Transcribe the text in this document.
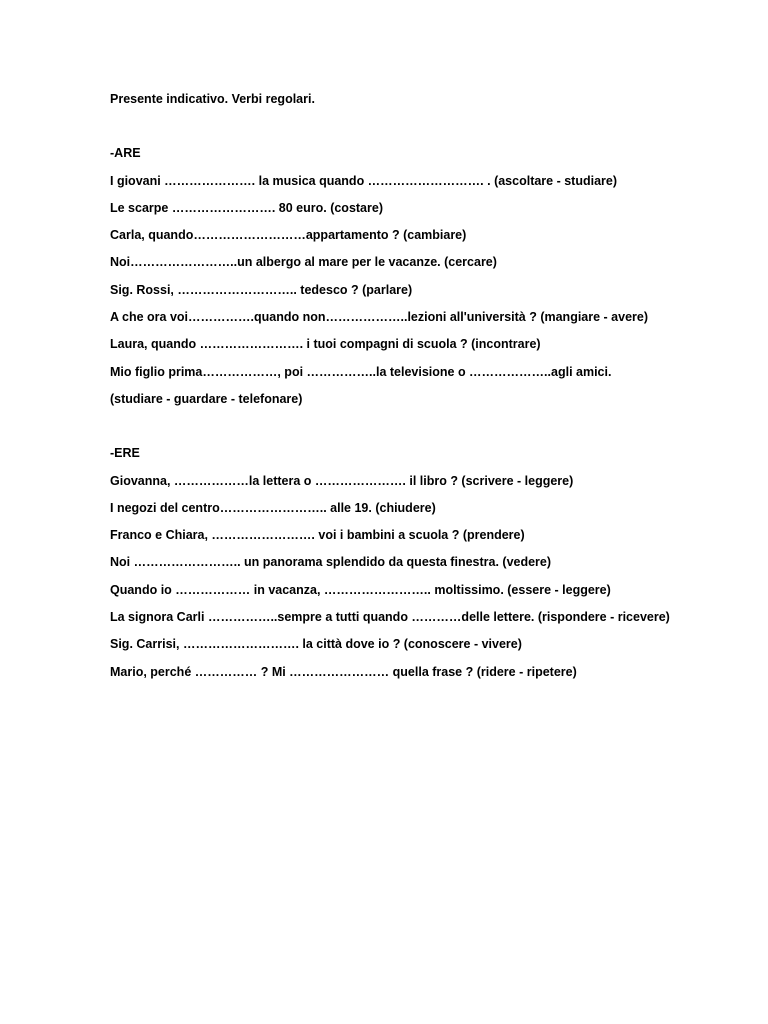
Presente indicativo. Verbi regolari.
-ARE
I giovani …………………. la musica quando ………………………. . (ascoltare - studiare)
Le scarpe ……………………. 80 euro. (costare)
Carla, quando………………………appartamento ? (cambiare)
Noi……………………..un albergo al mare per le vacanze. (cercare)
Sig. Rossi, ……………………….. tedesco ? (parlare)
A che ora voi…………….quando non………………..lezioni all'università ? (mangiare - avere)
Laura, quando ……………………. i tuoi compagni di scuola ? (incontrare)
Mio figlio prima………………, poi ……………..la televisione o ………………..agli amici. (studiare - guardare - telefonare)
-ERE
Giovanna, ………………la lettera o …………………. il libro ? (scrivere - leggere)
I negozi del centro…………………….. alle 19. (chiudere)
Franco e Chiara, ……………………. voi i bambini a scuola ? (prendere)
Noi …………………….. un panorama splendido da questa finestra. (vedere)
Quando io ……………… in vacanza, …………………….. moltissimo. (essere - leggere)
La signora Carli ……………..sempre a tutti quando …………delle lettere. (rispondere - ricevere)
Sig. Carrisi, ………………………. la città dove io ? (conoscere - vivere)
Mario, perché …………… ? Mi …………………… quella frase ? (ridere - ripetere)
